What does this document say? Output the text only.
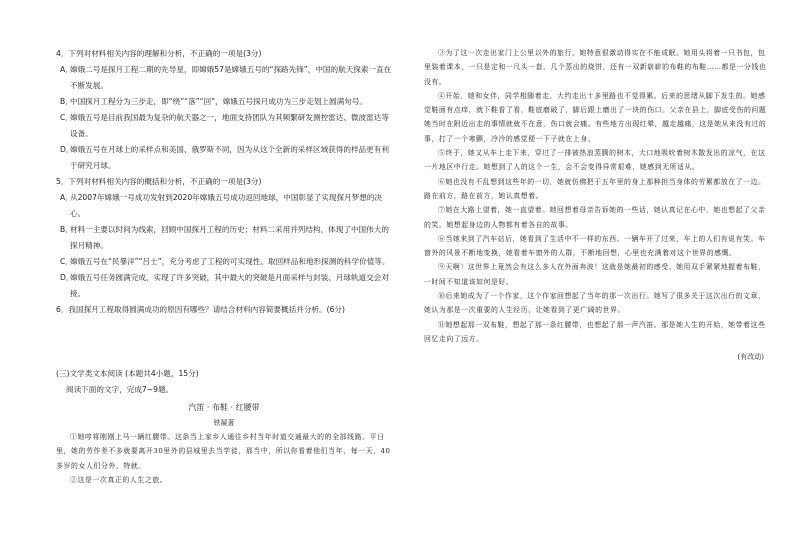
4．下列对材料相关内容的理解和分析，不正确的一项是(3分)

A．嫦娥二号是探月工程二期的先导星，即嫦娥57是嫦娥五号的“探路先锋”，中国的航天探索一直在不断发展。

B．中国探月工程分为三步走，即“绕”“落”“回”，嫦娥五号探月成功为三步走划上圆满句号。

C．嫦娥五号是目前我国最为复杂的航天器之一，地面支持团队为其频繁研发测控雷达、微波雷达等设备。

D．嫦娥五号在月球上的采样点和美国、俄罗斯不同，因为从这个全新的采样区域获得的样品更有利于研究月球。

5．下列对材料相关内容的概括和分析，不正确的一项是(3分)

A．从2007年嫦娥一号成功发射到2020年嫦娥五号成功返回地球，中国彰显了实现探月梦想的决心。

B．材料一主要以时间为线索，回顾中国探月工程的历史；材料二采用并列结构，体现了中国伟大的探月精神。

C．嫦娥五号在“民暴洋”“吕士”，充分考虑了工程的可实现性、取回样品和地形探测的科学价值等。

D．嫦娥五号任务圆满完成，实现了许多突破，其中最大的突破是月面采样与封装、月球轨道交会对接。

6．我国探月工程取得圆满成功的原因有哪些？请结合材料内容简要概括并分析。(6分)

(三)文学类文本阅读 (本题共4小题，15分)
阅读下面的文字，完成7~9题。
汽笛 · 布鞋 · 红腰带
铁凝著

①她哼将刚刚上马一辆红腰带。这条当上家乡人通往乡村当年时道交通最大的的全部线路。平日里，她的劳作差不多就要离开30里外的县城里去当学徒，那当中，所以你看着他们当年，每一天，40多岁的女人们分外，特就。

②这是一次真正的人生之旅。

③为了这一次走出家门上公里以外的旅行，她特意很激动得实在不能成眠。她用头将着一只书包，包里装着课本，一只是定和一尺头一套、几个蒸出的烧饼，还有一双新崭崭的布鞋的布鞋……都是一分钱也没有。

④开始，她和女伴，同学相随着走，大约走出十多里路也不觉得累。后来的思绪从脚下发生的。她感觉鞋面有点痒，就下鞋看了看，鞋底磨破了，脚后跟上磨出了一块的伤口。父亲在县上，脚底受伤的问题她当时在附近出走的事情就就不在意，伤口就会痛。有些地方出现红晕，越走越痛，这是她从来没有过的事，打了一个寒颤，冷冷的感觉便一下子就在上身。

⑤终于，她又从车上走下来，穿过了一排被热浪蒸腾的树木，大口地吸吮着树木散发出的凉气，在这一片地区中行走。她想到了人的这个一生，会不会变得异常艰难，她感到无所适从。

⑥她也没有不乱想到这些年的一切，她就仿佛把于五年里的身上那种担当身体的劳累都放在了一边。路在前方，路在前方，她认真想着。

⑦她在大路上望着，她一直望着。她回想着母亲告诉她的一些话，她认真记在心中，她也想起了父亲的笑。她想起身边的人物都有着各自的故事。

⑧当她来到了汽车站后，她看到了生活中不一样的东西。一辆车开了过来，车上的人们有说有笑。车窗外的风景不断地变换，她看着车窗外的人群，不断地回想，心里也充满着对这个世界的感慨。

⑨天啊！这世界上竟然会有这么多人在外面奔波！这就是她最初的感受。她用双手紧紧地握着布鞋，一时间不知道该如何是好。

⑩后来她成为了一个作家，这个作家回想起了当年的那一次出行。她写了很多关于这次出行的文章，她认为那是一次重要的人生经历，让她看到了更广阔的世界。

⑪她想起那一双布鞋，想起了那一条红腰带，也想起了那一声汽笛。那是她人生的开始，她带着这些回忆走向了远方。

(有改动)
